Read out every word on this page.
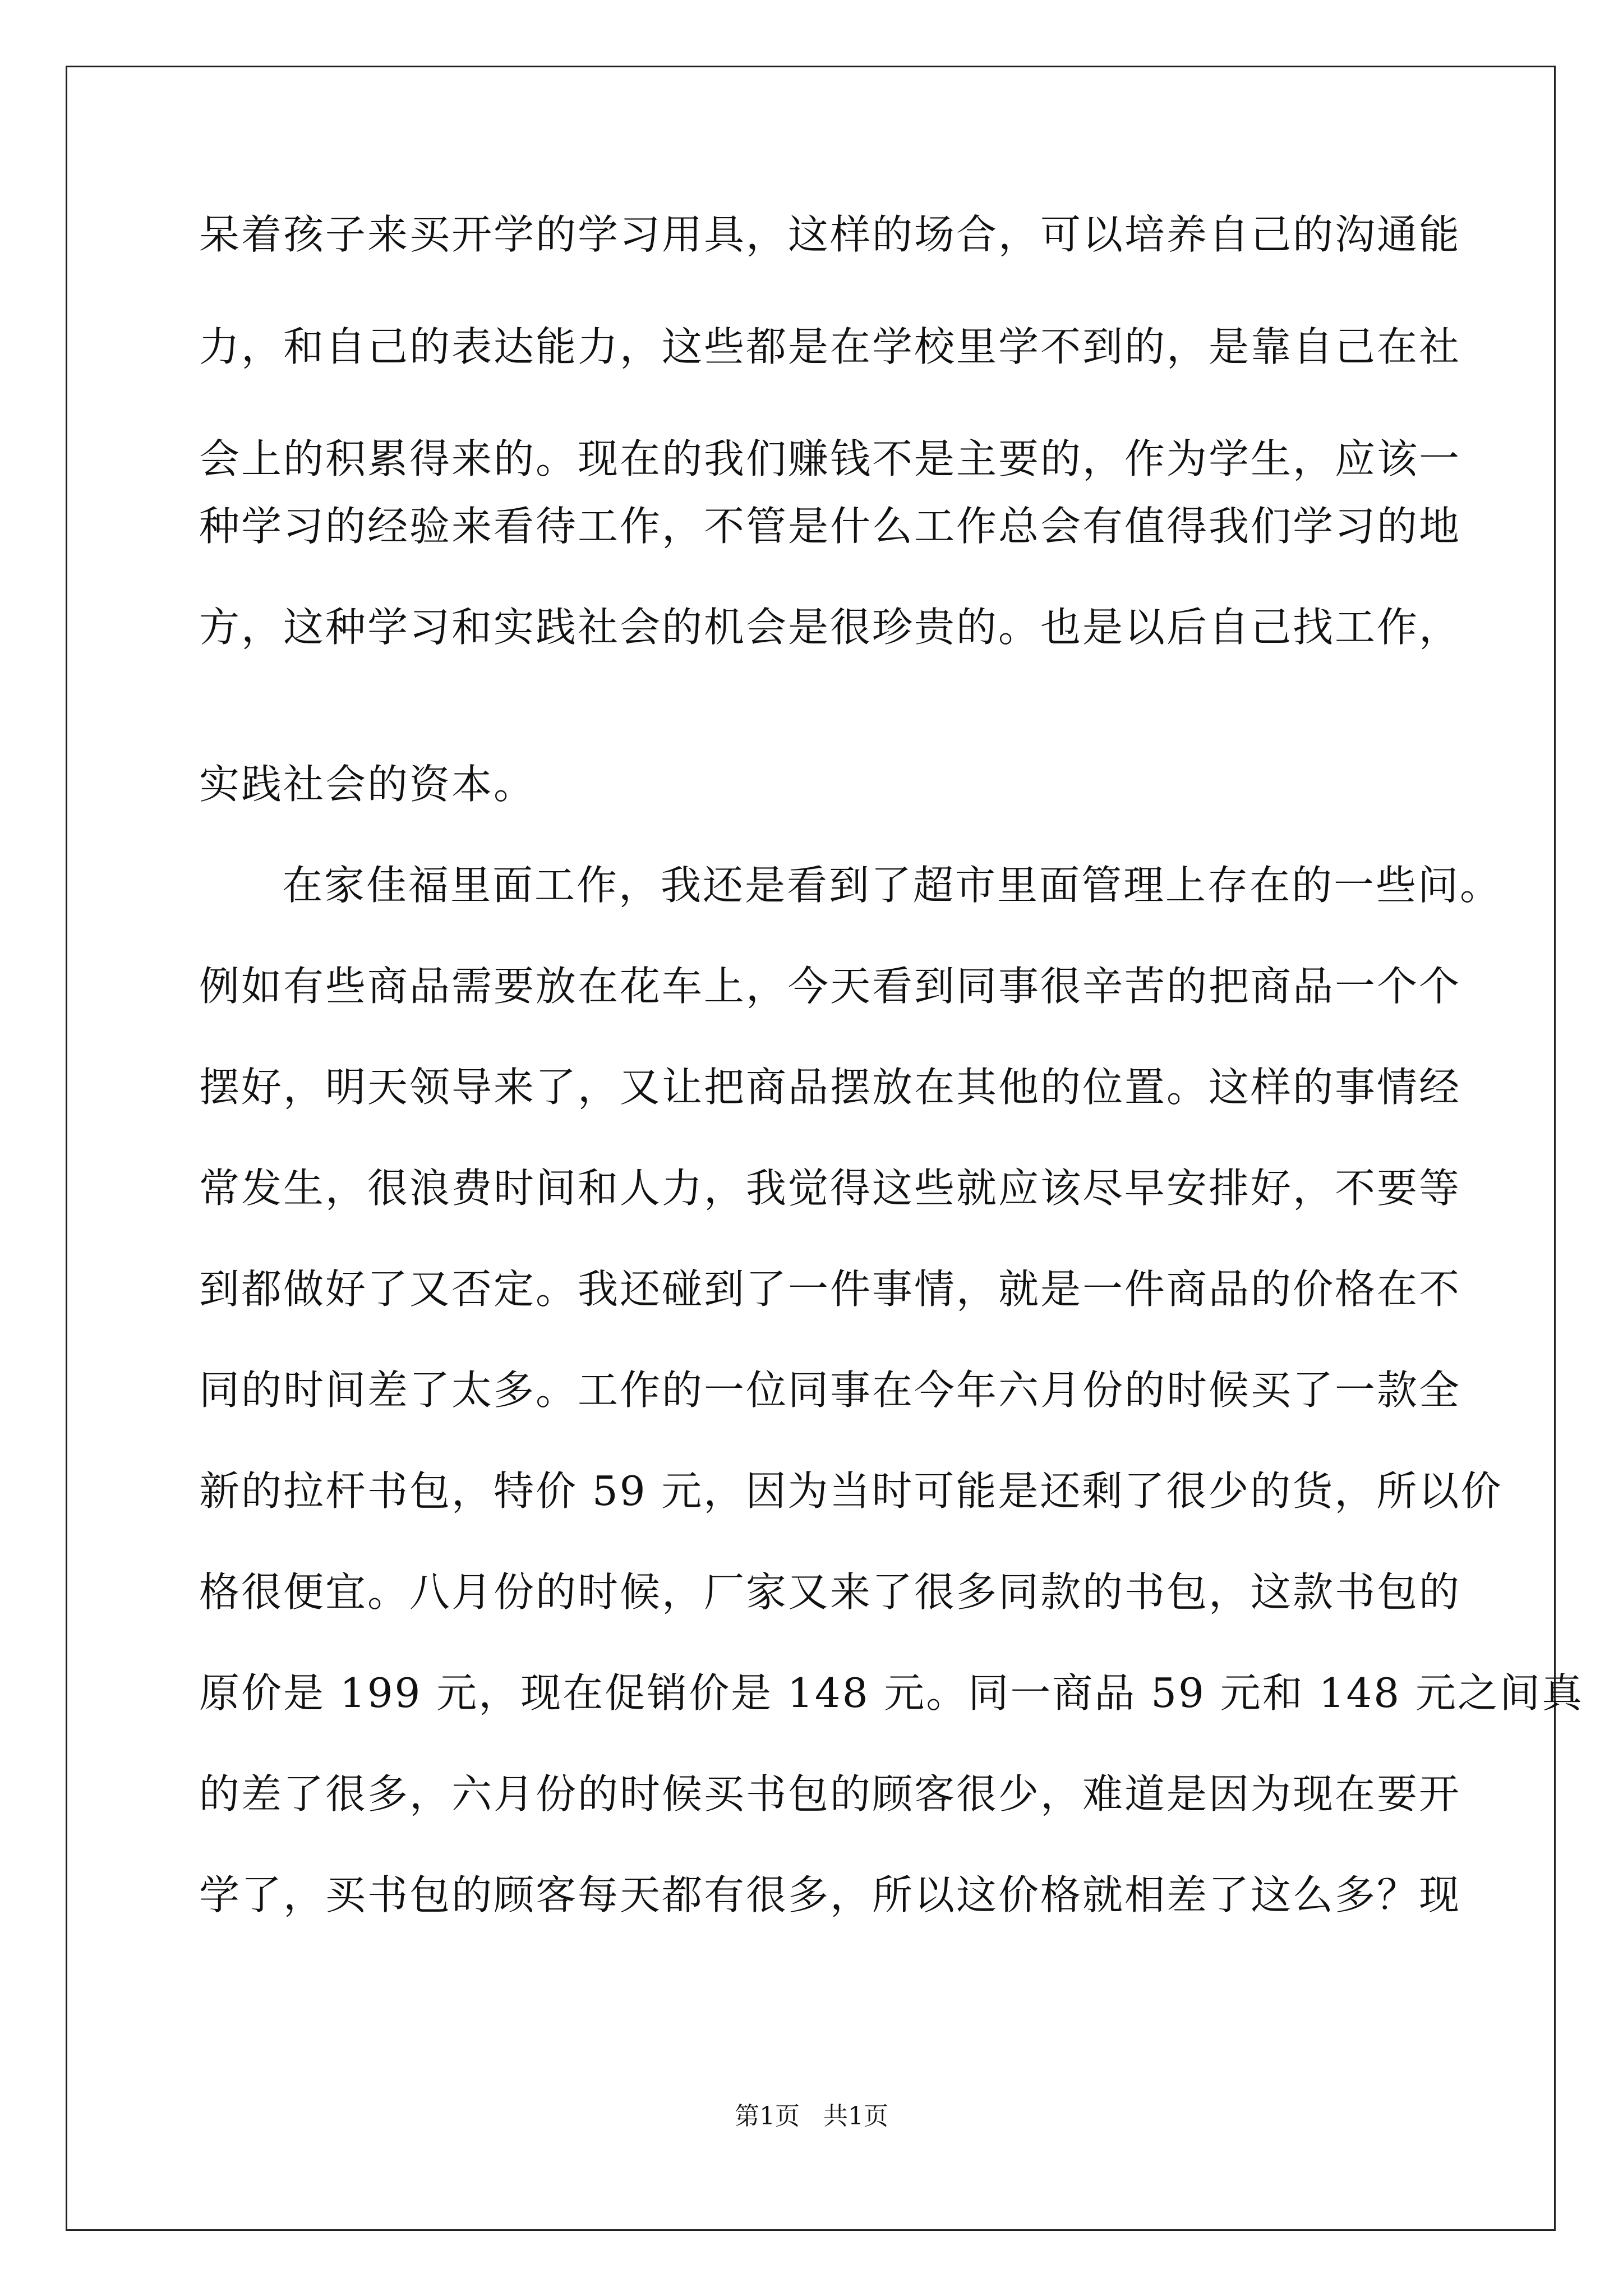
呆着孩子来买开学的学习用具，这样的场合，可以培养自己的沟通能
力，和自己的表达能力，这些都是在学校里学不到的，是靠自己在社
会上的积累得来的。现在的我们赚钱不是主要的，作为学生，应该一
种学习的经验来看待工作，不管是什么工作总会有值得我们学习的地
方，这种学习和实践社会的机会是很珍贵的。也是以后自己找工作，
实践社会的资本。
在家佳福里面工作，我还是看到了超市里面管理上存在的一些问。
例如有些商品需要放在花车上，今天看到同事很辛苦的把商品一个个
摆好，明天领导来了，又让把商品摆放在其他的位置。这样的事情经
常发生，很浪费时间和人力，我觉得这些就应该尽早安排好，不要等
到都做好了又否定。我还碰到了一件事情，就是一件商品的价格在不
同的时间差了太多。工作的一位同事在今年六月份的时候买了一款全
新的拉杆书包，特价 59 元，因为当时可能是还剩了很少的货，所以价
格很便宜。八月份的时候，厂家又来了很多同款的书包，这款书包的
原价是 199 元，现在促销价是 148 元。同一商品 59 元和 148 元之间真
的差了很多，六月份的时候买书包的顾客很少，难道是因为现在要开
学了，买书包的顾客每天都有很多，所以这价格就相差了这么多？现
第1页   共1页
